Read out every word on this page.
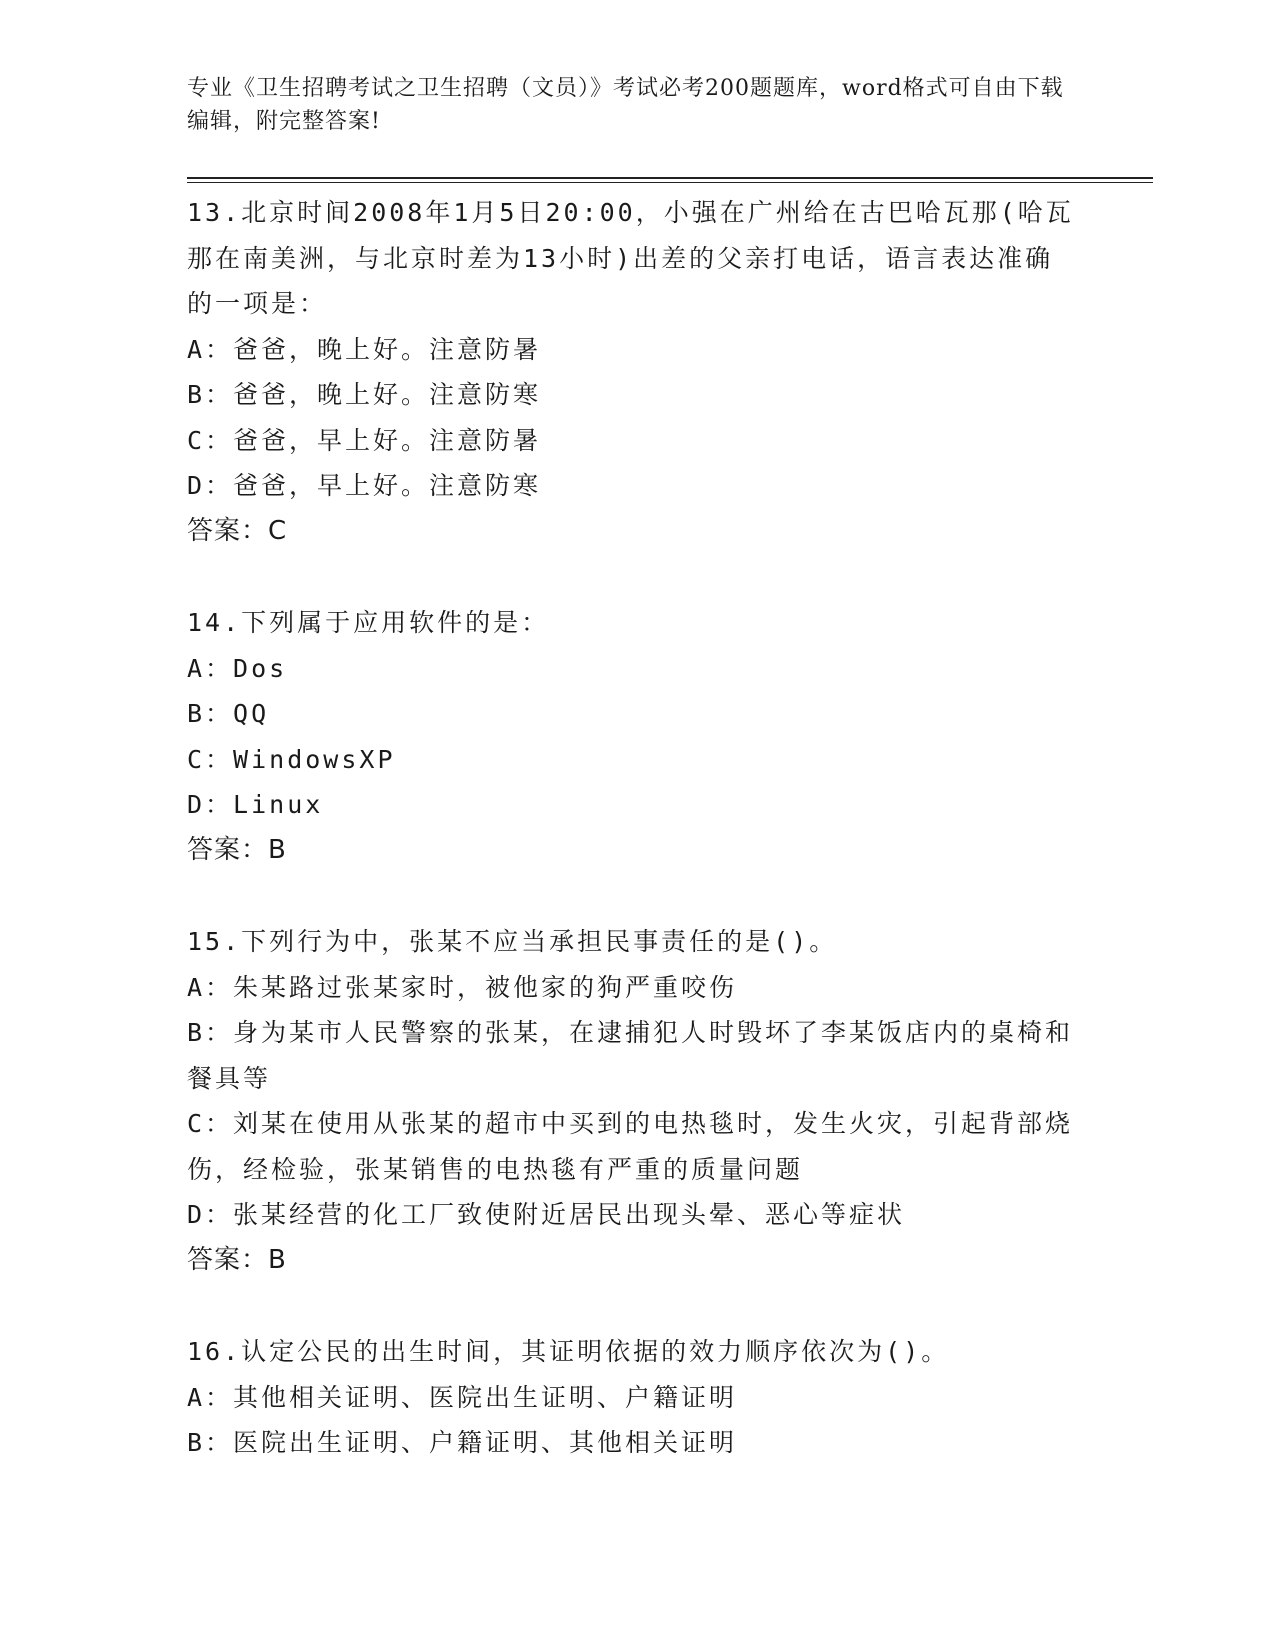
专业《卫生招聘考试之卫生招聘（文员）》考试必考200题题库，word格式可自由下载编辑，附完整答案!
13.北京时间2008年1月5日20:00，小强在广州给在古巴哈瓦那(哈瓦那在南美洲，与北京时差为13小时)出差的父亲打电话，语言表达准确的一项是：
A：爸爸，晚上好。注意防暑
B：爸爸，晚上好。注意防寒
C：爸爸，早上好。注意防暑
D：爸爸，早上好。注意防寒
答案：C
14.下列属于应用软件的是：
A：Dos
B：QQ
C：WindowsXP
D：Linux
答案：B
15.下列行为中，张某不应当承担民事责任的是()。
A：朱某路过张某家时，被他家的狗严重咬伤
B：身为某市人民警察的张某，在逮捕犯人时毁坏了李某饭店内的桌椅和餐具等
C：刘某在使用从张某的超市中买到的电热毯时，发生火灾，引起背部烧伤，经检验，张某销售的电热毯有严重的质量问题
D：张某经营的化工厂致使附近居民出现头晕、恶心等症状
答案：B
16.认定公民的出生时间，其证明依据的效力顺序依次为()。
A：其他相关证明、医院出生证明、户籍证明
B：医院出生证明、户籍证明、其他相关证明
